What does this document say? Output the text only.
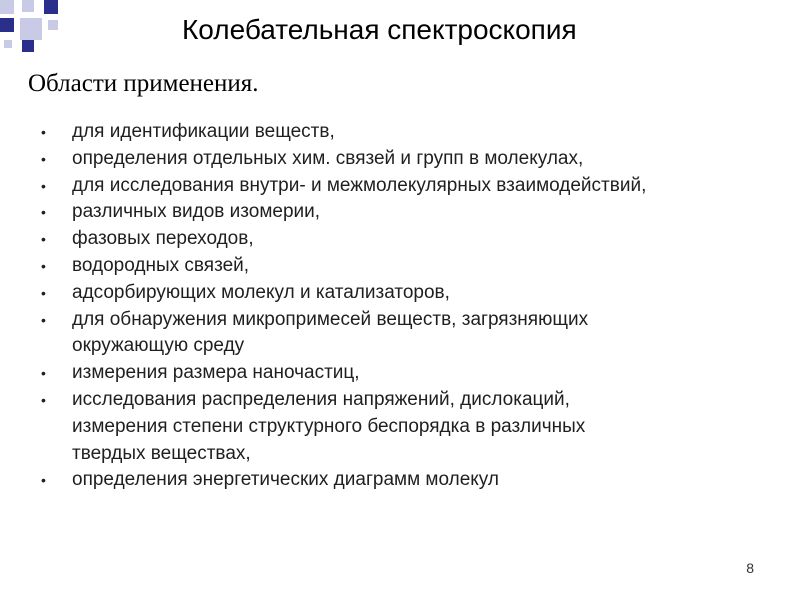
Колебательная спектроскопия
Области применения.
• для идентификации веществ,
• определения отдельных хим. связей и групп в молекулах,
• для исследования внутри- и межмолекулярных взаимодействий,
• различных видов изомерии,
• фазовых переходов,
• водородных связей,
• адсорбирующих молекул и катализаторов,
• для обнаружения микропримесей веществ, загрязняющих
окружающую среду
• измерения размера наночастиц,
• исследования распределения напряжений, дислокаций,
измерения степени структурного беспорядка в различных
твердых веществах,
• определения энергетических диаграмм молекул
8
